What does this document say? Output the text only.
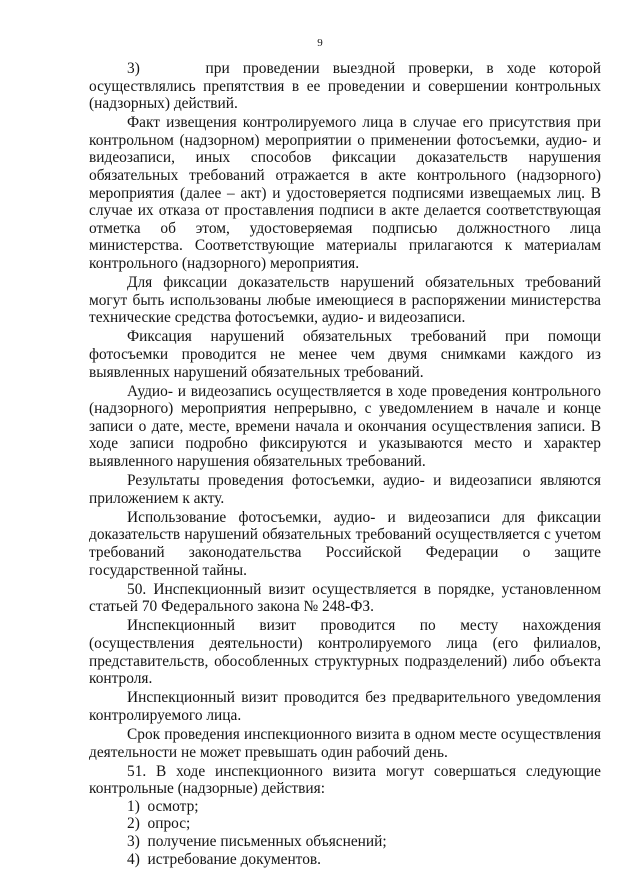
9

3)     при проведении выездной проверки, в ходе которой осуществлялись препятствия в ее проведении и совершении контрольных (надзорных) действий.

Факт извещения контролируемого лица в случае его присутствия при контрольном (надзорном) мероприятии о применении фотосъемки, аудио- и видеозаписи, иных способов фиксации доказательств нарушения обязательных требований отражается в акте контрольного (надзорного) мероприятия (далее – акт) и удостоверяется подписями извещаемых лиц. В случае их отказа от проставления подписи в акте делается соответствующая отметка об этом, удостоверяемая подписью должностного лица министерства. Соответствующие материалы прилагаются к материалам контрольного (надзорного) мероприятия.

Для фиксации доказательств нарушений обязательных требований могут быть использованы любые имеющиеся в распоряжении министерства технические средства фотосъемки, аудио- и видеозаписи.

Фиксация нарушений обязательных требований при помощи фотосъемки проводится не менее чем двумя снимками каждого из выявленных нарушений обязательных требований.

Аудио- и видеозапись осуществляется в ходе проведения контрольного (надзорного) мероприятия непрерывно, с уведомлением в начале и конце записи о дате, месте, времени начала и окончания осуществления записи. В ходе записи подробно фиксируются и указываются место и характер выявленного нарушения обязательных требований.

Результаты проведения фотосъемки, аудио- и видеозаписи являются приложением к акту.

Использование фотосъемки, аудио- и видеозаписи для фиксации доказательств нарушений обязательных требований осуществляется с учетом требований законодательства Российской Федерации о защите государственной тайны.

50. Инспекционный визит осуществляется в порядке, установленном статьей 70 Федерального закона № 248-ФЗ.

Инспекционный визит проводится по месту нахождения (осуществления деятельности) контролируемого лица (его филиалов, представительств, обособленных структурных подразделений) либо объекта контроля.

Инспекционный визит проводится без предварительного уведомления контролируемого лица.

Срок проведения инспекционного визита в одном месте осуществления деятельности не может превышать один рабочий день.

51. В ходе инспекционного визита могут совершаться следующие контрольные (надзорные) действия:

1)  осмотр;

2)  опрос;

3)  получение письменных объяснений;

4)  истребование документов.
